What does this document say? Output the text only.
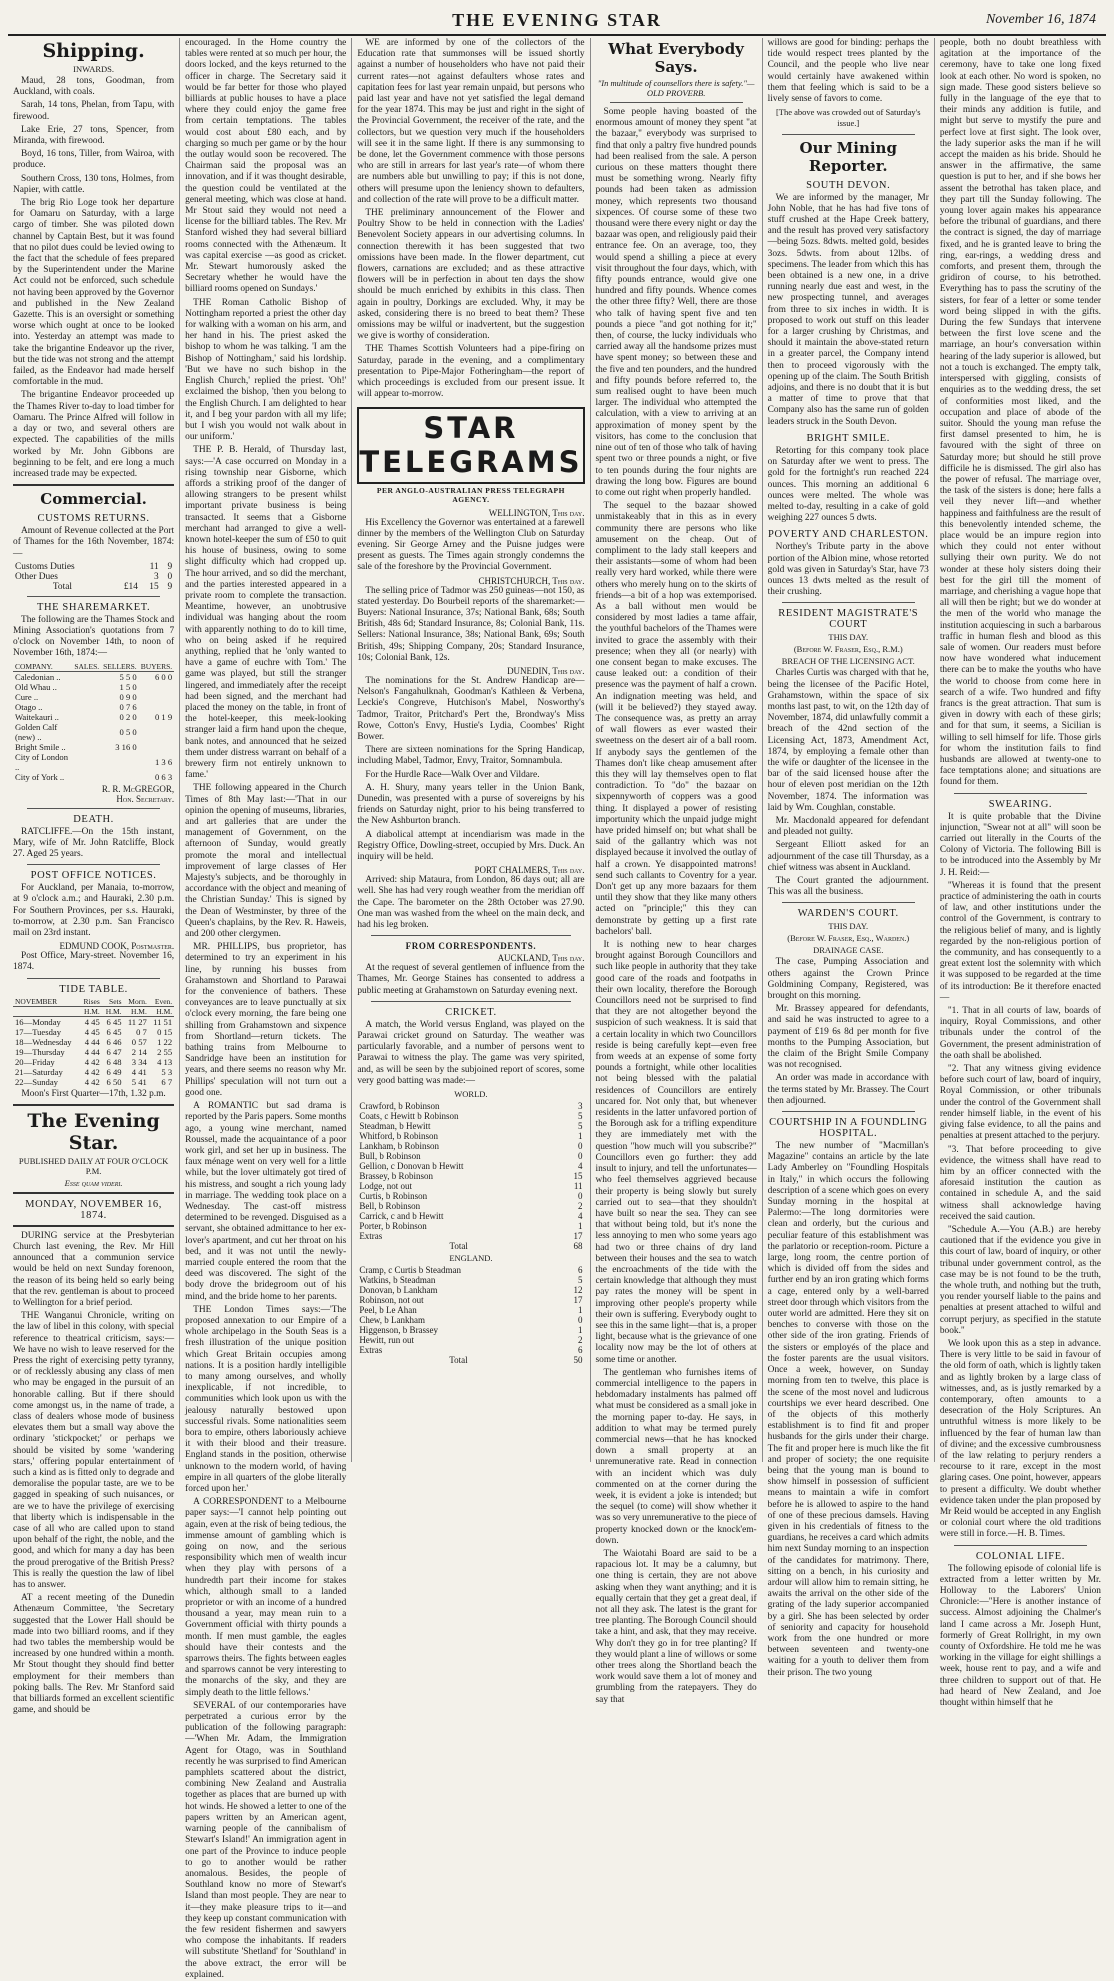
THE EVENING STAR	November 16, 1874
Shipping.
INWARDS.

Maud, 28 tons, Goodman, from Auckland, with coals.

Sarah, 14 tons, Phelan, from Tapu, with firewood.

Lake Erie, 27 tons, Spencer, from Miranda, with firewood.

Boyd, 16 tons, Tiller, from Wairoa, with produce.

Southern Cross, 130 tons, Holmes, from Napier, with cattle.

The brig Rio Loge took her departure for Oamaru on Saturday, with a large cargo of timber. She was piloted down channel by Captain Best, but it was found that no pilot dues could be levied owing to the fact that the schedule of fees prepared by the Superintendent under the Marine Act could not be enforced, such schedule not having been approved by the Governor and published in the New Zealand Gazette. This is an oversight or something worse which ought at once to be looked into. Yesterday an attempt was made to take the brigantine Endeavor up the river, but the tide was not strong and the attempt failed, as the Endeavor had made herself comfortable in the mud.

The brigantine Endeavor proceeded up the Thames River to-day to load timber for Oamaru. The Prince Alfred will follow in a day or two, and several others are expected. The capabilities of the mills worked by Mr. John Gibbons are beginning to be felt, and ere long a much increased trade may be expected.

Commercial.
CUSTOMS RETURNS.

Amount of Revenue collected at the Port of Thames for the 16th November, 1874:—

Customs Duties		11	9
Other Dues		3	0
Total	£14	15	9
THE SHAREMARKET.

The following are the Thames Stock and Mining Association's quotations from 7 o'clock on November 14th, to noon of November 16th, 1874:—

COMPANY.	SALES.	SELLERS.	BUYERS.
Caledonian ..		5 5 0	6 0 0
Old Whau ..		1 5 0	
Cure ..		0 9 0	
Otago ..		0 7 6	
Waitekauri ..		0 2 0	0 1 9
Golden Calf (new) ..		0 5 0	
Bright Smile ..		3 16 0	
City of London ..			1 3 6
City of York ..			0 6 3
R. R. McGREGOR,
Hon. Secretary.
DEATH.

RATCLIFFE.—On the 15th instant, Mary, wife of Mr. John Ratcliffe, Block 27. Aged 25 years.

POST OFFICE NOTICES.

For Auckland, per Manaia, to-morrow, at 9 o'clock a.m.; and Hauraki, 2.30 p.m. For Southern Provinces, per s.s. Hauraki, to-morrow, at 2.30 p.m. San Francisco mail on 23rd instant.

EDMUND COOK, Postmaster.

Post Office, Mary-street. November 16, 1874.

TIDE TABLE.
NOVEMBER	Rises	Sets	Morn.	Even.
	H.M.	H.M.	H.M.	H.M.
16—Monday	4 45	6 45	11 27	11 51
17—Tuesday	4 45	6 45	0 7	0 15
18—Wednesday	4 44	6 46	0 57	1 22
19—Thursday	4 44	6 47	2 14	2 55
20—Friday	4 42	6 48	3 34	4 13
21—Saturday	4 42	6 49	4 41	5 3
22—Sunday	4 42	6 50	5 41	6 7

Moon's First Quarter—17th, 1.32 p.m.

The Evening Star.
PUBLISHED DAILY AT FOUR O'CLOCK P.M.
Esse quam videri.
MONDAY, NOVEMBER 16, 1874.

DURING service at the Presbyterian Church last evening, the Rev. Mr Hill announced that a communion service would be held on next Sunday forenoon, the reason of its being held so early being that the rev. gentleman is about to proceed to Wellington for a brief period.

THE Wanganui Chronicle, writing on the law of libel in this colony, with special reference to theatrical criticism, says:—We have no wish to leave reserved for the Press the right of exercising petty tyranny, or of recklessly abusing any class of men who may be engaged in the pursuit of an honorable calling. But if there should come amongst us, in the name of trade, a class of dealers whose mode of business elevates them but a small way above the ordinary 'stickpocket;' or perhaps we should be visited by some 'wandering stars,' offering popular entertainment of such a kind as is fitted only to degrade and demoralise the popular taste, are we to be gagged in speaking of such nuisances, or are we to have the privilege of exercising that liberty which is indispensable in the case of all who are called upon to stand upon behalf of the right, the noble, and the good, and which for many a day has been the proud prerogative of the British Press? This is really the question the law of libel has to answer.

AT a recent meeting of the Dunedin Athenæum Committee, 'the Secretary suggested that the Lower Hall should be made into two billiard rooms, and if they had two tables the membership would be increased by one hundred within a month. Mr Stout thought they should find better employment for their members than poking balls. The Rev. Mr Stanford said that billiards formed an excellent scientific game, and should be

encouraged. In the Home country the tables were rented at so much per hour, the doors locked, and the keys returned to the officer in charge. The Secretary said it would be far better for those who played billiards at public houses to have a place where they could enjoy the game free from certain temptations. The tables would cost about £80 each, and by charging so much per game or by the hour the outlay would soon be recovered. The Chairman said the proposal was an innovation, and if it was thought desirable, the question could be ventilated at the general meeting, which was close at hand. Mr Stout said they would not need a license for the billiard tables. The Rev. Mr Stanford wished they had several billiard rooms connected with the Athenæum. It was capital exercise —as good as cricket. Mr. Stewart humorously asked the Secretary whether he would have the billiard rooms opened on Sundays.'

THE Roman Catholic Bishop of Nottingham reported a priest the other day for walking with a woman on his arm, and her hand in his. The priest asked the bishop to whom he was talking. 'I am the Bishop of Nottingham,' said his lordship. 'But we have no such bishop in the English Church,' replied the priest. 'Oh!' exclaimed the bishop, 'then you belong to the English Church. I am delighted to hear it, and I beg your pardon with all my life; but I wish you would not walk about in our uniform.'

THE P. B. Herald, of Thursday last, says:—'A case occurred on Monday in a rising township near Gisborne, which affords a striking proof of the danger of allowing strangers to be present whilst important private business is being transacted. It seems that a Gisborne merchant had arranged to give a well-known hotel-keeper the sum of £50 to quit his house of business, owing to some slight difficulty which had cropped up. The hour arrived, and so did the merchant, and the parties interested appeared in a private room to complete the transaction. Meantime, however, an unobtrusive individual was hanging about the room with apparently nothing to do to kill time, who on being asked if he required anything, replied that he 'only wanted to have a game of euchre with Tom.' The game was played, but still the stranger lingered, and immediately after the receipt had been signed, and the merchant had placed the money on the table, in front of the hotel-keeper, this meek-looking stranger laid a firm hand upon the cheque, bank notes, and announced that he seized them under distress warrant on behalf of a brewery firm not entirely unknown to fame.'

THE following appeared in the Church Times of 8th May last:—'That in our opinion the opening of museums, libraries, and art galleries that are under the management of Government, on the afternoon of Sunday, would greatly promote the moral and intellectual improvement of large classes of Her Majesty's subjects, and be thoroughly in accordance with the object and meaning of the Christian Sunday.' This is signed by the Dean of Westminster, by three of the Queen's chaplains, by the Rev. R. Haweis, and 200 other clergymen.

MR. PHILLIPS, bus proprietor, has determined to try an experiment in his line, by running his busses from Grahamstown and Shortland to Parawai for the convenience of bathers. These conveyances are to leave punctually at six o'clock every morning, the fare being one shilling from Grahamstown and sixpence from Shortland—return tickets. The bathing trains from Melbourne to Sandridge have been an institution for years, and there seems no reason why Mr. Phillips' speculation will not turn out a good one.

A ROMANTIC but sad drama is reported by the Paris papers. Some months ago, a young wine merchant, named Roussel, made the acquaintance of a poor work girl, and set her up in business. The faux ménage went on very well for a little while, but the lover ultimately got tired of his mistress, and sought a rich young lady in marriage. The wedding took place on a Wednesday. The cast-off mistress determined to be revenged. Disguised as a servant, she obtained admittance to her ex-lover's apartment, and cut her throat on his bed, and it was not until the newly-married couple entered the room that the deed was discovered. The sight of the body drove the bridegroom out of his mind, and the bride home to her parents.

THE London Times says:—'The proposed annexation to our Empire of a whole archipelago in the South Seas is a fresh illustration of the unique position which Great Britain occupies among nations. It is a position hardly intelligible to many among ourselves, and wholly inexplicable, if not incredible, to communities which look upon us with the jealousy naturally bestowed upon successful rivals. Some nationalities seem bora to empire, others laboriously achieve it with their blood and their treasure. England stands in the position, otherwise unknown to the modern world, of having empire in all quarters of the globe literally forced upon her.'

A CORRESPONDENT to a Melbourne paper says:—'I cannot help pointing out again, even at the risk of being tedious, the immense amount of gambling which is going on now, and the serious responsibility which men of wealth incur when they play with persons of a hundredth part their income for stakes which, although small to a landed proprietor or with an income of a hundred thousand a year, may mean ruin to a Government official with thirty pounds a month. If men must gamble, the eagles should have their contests and the sparrows theirs. The fights between eagles and sparrows cannot be very interesting to the monarchs of the sky, and they are simply death to the little fellows.'

SEVERAL of our contemporaries have perpetrated a curious error by the publication of the following paragraph:—'When Mr. Adam, the Immigration Agent for Otago, was in Southland recently he was surprised to find American pamphlets scattered about the district, combining New Zealand and Australia together as places that are burned up with hot winds. He showed a letter to one of the papers written by an American agent, warning people of the cannibalism of Stewart's Island!' An immigration agent in one part of the Province to induce people to go to another would be rather anomalous. Besides, the people of Southland know no more of Stewart's Island than most people. They are near to it—they make pleasure trips to it—and they keep up constant communication with the few resident fishermen and sawyers who compose the inhabitants. If readers will substitute 'Shetland' for 'Southland' in the above extract, the error will be explained.

WE are informed by one of the collectors of the Education rate that summonses will be issued shortly against a number of householders who have not paid their current rates—not against defaulters whose rates and capitation fees for last year remain unpaid, but persons who paid last year and have not yet satisfied the legal demand for the year 1874. This may be just and right in the sight of the Provincial Government, the receiver of the rate, and the collectors, but we question very much if the householders will see it in the same light. If there is any summonsing to be done, let the Government commence with those persons who are still in arrears for last year's rate—of whom there are numbers able but unwilling to pay; if this is not done, others will presume upon the leniency shown to defaulters, and collection of the rate will prove to be a difficult matter.

THE preliminary announcement of the Flower and Poultry Show to be held in connection with the Ladies' Benevolent Society appears in our advertising columns. In connection therewith it has been suggested that two omissions have been made. In the flower department, cut flowers, carnations are excluded; and as these attractive flowers will be in perfection in about ten days the show should be much enriched by exhibits in this class. Then again in poultry, Dorkings are excluded. Why, it may be asked, considering there is no breed to beat them? These omissions may be wilful or inadvertent, but the suggestion we give is worthy of consideration.

THE Thames Scottish Volunteers had a pipe-firing on Saturday, parade in the evening, and a complimentary presentation to Pipe-Major Fotheringham—the report of which proceedings is excluded from our present issue. It will appear to-morrow.

STAR TELEGRAMS
PER ANGLO-AUSTRALIAN PRESS TELEGRAPH AGENCY.
WELLINGTON, This day.

His Excellency the Governor was entertained at a farewell dinner by the members of the Wellington Club on Saturday evening. Sir George Arney and the Puisne judges were present as guests. The Times again strongly condemns the sale of the foreshore by the Provincial Government.

CHRISTCHURCH, This day.

The selling price of Tadmor was 250 guineas—not 150, as stated yesterday. Do Bourbeil reports of the sharemarket:—Buyers: National Insurance, 37s; National Bank, 68s; South British, 48s 6d; Standard Insurance, 8s; Colonial Bank, 11s. Sellers: National Insurance, 38s; National Bank, 69s; South British, 49s; Shipping Company, 20s; Standard Insurance, 10s; Colonial Bank, 12s.

DUNEDIN, This day.

The nominations for the St. Andrew Handicap are—Nelson's Fangahulknah, Goodman's Kathleen & Verbena, Leckie's Congreve, Hutchison's Mabel, Nosworthy's Tadmor, Traitor, Pritchard's Pert the, Brondway's Miss Rowe, Cotton's Envy, Hustie's Lydia, Coombes' Right Bower.

There are sixteen nominations for the Spring Handicap, including Mabel, Tadmor, Envy, Traitor, Somnambula.

For the Hurdle Race—Walk Over and Vildare.

A. H. Shury, many years teller in the Union Bank, Dunedin, was presented with a purse of sovereigns by his friends on Saturday night, prior to his being transferred to the New Ashburton branch.

A diabolical attempt at incendiarism was made in the Registry Office, Dowling-street, occupied by Mrs. Duck. An inquiry will be held.

PORT CHALMERS, This day.

Arrived: ship Mataura, from London, 86 days out; all are well. She has had very rough weather from the meridian off the Cape. The barometer on the 28th October was 27.90. One man was washed from the wheel on the main deck, and had his leg broken.

FROM CORRESPONDENTS.
AUCKLAND, This day.

At the request of several gentlemen of influence from the Thames, Mr. George Staines has consented to address a public meeting at Grahamstown on Saturday evening next.

CRICKET.

A match, the World versus England, was played on the Parawai cricket ground on Saturday. The weather was particularly favorable, and a number of persons went to Parawai to witness the play. The game was very spirited, and, as will be seen by the subjoined report of scores, some very good batting was made:—

WORLD.
Crawford, b Robinson	3
Coats, c Hewitt b Robinson	5
Steadman, b Hewitt	5
Whitford, b Robinson	1
Lankham, b Robinson	0
Bull, b Robinson	0
Gellion, c Donovan b Hewitt	4
Brassey, b Robinson	15
Lodge, not out	11
Curtis, b Robinson	0
Bell, b Robinson	2
Carrick, c and b Hewitt	4
Porter, b Robinson	1
Extras	17
Total	68
ENGLAND.
Cramp, c Curtis b Steadman	6
Watkins, b Steadman	5
Donovan, b Lankham	12
Robinson, not out	17
Peel, b Le Ahan	1
Chew, b Lankham	0
Higgenson, b Brassey	1
Hewitt, run out	2
Extras	6
Total	50
What Everybody Says.
"In multitude of counsellors there is safety."—OLD PROVERB.

Some people having boasted of the enormous amount of money they spent "at the bazaar," everybody was surprised to find that only a paltry five hundred pounds had been realised from the sale. A person curious on these matters thought there must be something wrong. Nearly fifty pounds had been taken as admission money, which represents two thousand sixpences. Of course some of these two thousand were there every night or day the bazaar was open, and religiously paid their entrance fee. On an average, too, they would spend a shilling a piece at every visit throughout the four days, which, with fifty pounds entrance, would give one hundred and fifty pounds. Whence comes the other three fifty? Well, there are those who talk of having spent five and ten pounds a piece "and got nothing for it;" then, of course, the lucky individuals who carried away all the handsome prizes must have spent money; so between these and the five and ten pounders, and the hundred and fifty pounds before referred to, the sum realised ought to have been much larger. The individual who attempted the calculation, with a view to arriving at an approximation of money spent by the visitors, has come to the conclusion that nine out of ten of those who talk of having spent two or three pounds a night, or five to ten pounds during the four nights are drawing the long bow. Figures are bound to come out right when properly handled.

The sequel to the bazaar showed unmistakeably that in this as in every community there are persons who like amusement on the cheap. Out of compliment to the lady stall keepers and their assistants—some of whom had been really very hard worked, while there were others who merely hung on to the skirts of friends—a bit of a hop was extemporised. As a ball without men would be considered by most ladies a tame affair, the youthful bachelors of the Thames were invited to grace the assembly with their presence; when they all (or nearly) with one consent began to make excuses. The cause leaked out: a condition of their presence was the payment of half a crown. An indignation meeting was held, and (will it be believed?) they stayed away. The consequence was, as pretty an array of wall flowers as ever wasted their sweetness on the desert air of a ball room. If anybody says the gentlemen of the Thames don't like cheap amusement after this they will lay themselves open to flat contradiction. To "do" the bazaar on sixpennyworth of coppers was a good thing. It displayed a power of resisting importunity which the unpaid judge might have prided himself on; but what shall be said of the gallantry which was not displayed because it involved the outlay of half a crown. Ye disappointed matrons! send such callants to Coventry for a year. Don't get up any more bazaars for them until they show that they like many others acted on "principle;" this they can demonstrate by getting up a first rate bachelors' ball.

It is nothing new to hear charges brought against Borough Councillors and such like people in authority that they take good care of the roads and footpaths in their own locality, therefore the Borough Councillors need not be surprised to find that they are not altogether beyond the suspicion of such weakness. It is said that a certain locality in which two Councillors reside is being carefully kept—even free from weeds at an expense of some forty pounds a fortnight, while other localities not being blessed with the palatial residences of Councillors are entirely uncared for. Not only that, but whenever residents in the latter unfavored portion of the Borough ask for a trifling expenditure they are immediately met with the question "how much will you subscribe?" Councillors even go further: they add insult to injury, and tell the unfortunates—who feel themselves aggrieved because their property is being slowly but surely carried out to sea—that they shouldn't have built so near the sea. They can see that without being told, but it's none the less annoying to men who some years ago had two or three chains of dry land between their houses and the sea to watch the encroachments of the tide with the certain knowledge that although they must pay rates the money will be spent in improving other people's property while their own is suffering. Everybody ought to see this in the same light—that is, a proper light, because what is the grievance of one locality now may be the lot of others at some time or another.

The gentleman who furnishes items of commercial intelligence to the papers in hebdomadary instalments has palmed off what must be considered as a small joke in the morning paper to-day. He says, in addition to what may be termed purely commercial news—that he has knocked down a small property at an unremunerative rate. Read in connection with an incident which was duly commented on at the corner during the week, it is evident a joke is intended; but the sequel (to come) will show whether it was so very unremunerative to the piece of property knocked down or the knock'em-down.

The Waiotahi Board are said to be a rapacious lot. It may be a calumny, but one thing is certain, they are not above asking when they want anything; and it is equally certain that they get a great deal, if not all they ask. The latest is the grant for tree planting. The Borough Council should take a hint, and ask, that they may receive. Why don't they go in for tree planting? If they would plant a line of willows or some other trees along the Shortland beach the work would save them a lot of money and grumbling from the ratepayers. They do say that

willows are good for binding: perhaps the tide would respect trees planted by the Council, and the people who live near would certainly have awakened within them that feeling which is said to be a lively sense of favors to come.

[The above was crowded out of Saturday's issue.]

Our Mining Reporter.
SOUTH DEVON.

We are informed by the manager, Mr John Noble, that he has had five tons of stuff crushed at the Hape Creek battery, and the result has proved very satisfactory—being 5ozs. 8dwts. melted gold, besides 3ozs. 5dwts. from about 12lbs. of specimens. The leader from which this has been obtained is a new one, in a drive running nearly due east and west, in the new prospecting tunnel, and averages from three to six inches in width. It is proposed to work out stuff on this leader for a larger crushing by Christmas, and should it maintain the above-stated return in a greater parcel, the Company intend then to proceed vigorously with the opening up of the claim. The South British adjoins, and there is no doubt that it is but a matter of time to prove that that Company also has the same run of golden leaders struck in the South Devon.

BRIGHT SMILE.

Retorting for this company took place on Saturday after we went to press. The gold for the fortnight's run reached 224 ounces. This morning an additional 6 ounces were melted. The whole was melted to-day, resulting in a cake of gold weighing 227 ounces 5 dwts.

POVERTY AND CHARLESTON.

Northey's Tribute party in the above portion of the Albion mine, whose retorted gold was given in Saturday's Star, have 73 ounces 13 dwts melted as the result of their crushing.

RESIDENT MAGISTRATE'S COURT
THIS DAY.
(Before W. Fraser, Esq., R.M.)
BREACH OF THE LICENSING ACT.

Charles Curtis was charged with that he, being the licensee of the Pacific Hotel, Grahamstown, within the space of six months last past, to wit, on the 12th day of November, 1874, did unlawfully commit a breach of the 42nd section of the Licensing Act, 1873, Amendment Act, 1874, by employing a female other than the wife or daughter of the licensee in the bar of the said licensed house after the hour of eleven post meridian on the 12th November, 1874. The information was laid by Wm. Coughlan, constable.

Mr. Macdonald appeared for defendant and pleaded not guilty.

Sergeant Elliott asked for an adjournment of the case till Thursday, as a chief witness was absent in Auckland.

The Court granted the adjournment. This was all the business.

WARDEN'S COURT.
THIS DAY.
(Before W. Fraser, Esq., Warden.)
DRAINAGE CASE.

The case, Pumping Association and others against the Crown Prince Goldmining Company, Registered, was brought on this morning.

Mr. Brassey appeared for defendants, and said he was instructed to agree to a payment of £19 6s 8d per month for five months to the Pumping Association, but the claim of the Bright Smile Company was not recognised.

An order was made in accordance with the terms stated by Mr. Brassey. The Court then adjourned.

COURTSHIP IN A FOUNDLING HOSPITAL.

The new number of "Macmillan's Magazine" contains an article by the late Lady Amberley on "Foundling Hospitals in Italy," in which occurs the following description of a scene which goes on every Sunday morning in the hospital at Palermo:—The long dormitories were clean and orderly, but the curious and peculiar feature of this establishment was the parlatorio or reception-room. Picture a large, long room, the centre portion of which is divided off from the sides and further end by an iron grating which forms a cage, entered only by a well-barred street door through which visitors from the outer world are admitted. Here they sit on benches to converse with those on the other side of the iron grating. Friends of the sisters or employés of the place and the foster parents are the usual visitors. Once a week, however, on Sunday morning from ten to twelve, this place is the scene of the most novel and ludicrous courtships we ever heard described. One of the objects of this motherly establishment is to find fit and proper husbands for the girls under their charge. The fit and proper here is much like the fit and proper of society; the one requisite being that the young man is bound to show himself in possession of sufficient means to maintain a wife in comfort before he is allowed to aspire to the hand of one of these precious damsels. Having given in his credentials of fitness to the guardians, he receives a card which admits him next Sunday morning to an inspection of the candidates for matrimony. There, sitting on a bench, in his curiosity and ardour will allow him to remain sitting, he awaits the arrival on the other side of the grating of the lady superior accompanied by a girl. She has been selected by order of seniority and capacity for household work from the one hundred or more between seventeen and twenty-one waiting for a youth to deliver them from their prison. The two young

people, both no doubt breathless with agitation at the importance of the ceremony, have to take one long fixed look at each other. No word is spoken, no sign made. These good sisters believe so fully in the language of the eye that to their minds any addition is futile, and might but serve to mystify the pure and perfect love at first sight. The look over, the lady superior asks the man if he will accept the maiden as his bride. Should he answer in the affirmative, the same question is put to her, and if she bows her assent the betrothal has taken place, and they part till the Sunday following. The young lover again makes his appearance before the tribunal of guardians, and there the contract is signed, the day of marriage fixed, and he is granted leave to bring the ring, ear-rings, a wedding dress and comforts, and present them, through the gridiron of course, to his betrothed. Everything has to pass the scrutiny of the sisters, for fear of a letter or some tender word being slipped in with the gifts. During the few Sundays that intervene between the first love scene and the marriage, an hour's conversation within hearing of the lady superior is allowed, but not a touch is exchanged. The empty talk, interspersed with giggling, consists of enquiries as to the wedding dress, the set of conformities most liked, and the occupation and place of abode of the suitor. Should the young man refuse the first damsel presented to him, he is favoured with the sight of three on Saturday more; but should he still prove difficile he is dismissed. The girl also has the power of refusal. The marriage over, the task of the sisters is done; here falls a veil they never lift—and whether happiness and faithfulness are the result of this benevolently intended scheme, the place would be an impure region into which they could not enter without sullying their own purity. We do not wonder at these holy sisters doing their best for the girl till the moment of marriage, and cherishing a vague hope that all will then be right; but we do wonder at the men of the world who manage the institution acquiescing in such a barbarous traffic in human flesh and blood as this sale of women. Our readers must before now have wondered what inducement there can be to make the youths who have the world to choose from come here in search of a wife. Two hundred and fifty francs is the great attraction. That sum is given in dowry with each of these girls; and for that sum, it seems, a Sicilian is willing to sell himself for life. Those girls for whom the institution fails to find husbands are allowed at twenty-one to face temptations alone; and situations are found for them.

SWEARING.

It is quite probable that the Divine injunction, "Swear not at all" will soon be carried out literally in the Courts of the Colony of Victoria. The following Bill is to be introduced into the Assembly by Mr J. H. Reid:—

"Whereas it is found that the present practice of administering the oath in courts of law, and other institutions under the control of the Government, is contrary to the religious belief of many, and is lightly regarded by the non-religious portion of the community, and has consequently to a great extent lost the solemnity with which it was supposed to be regarded at the time of its introduction: Be it therefore enacted—

"1. That in all courts of law, boards of inquiry, Royal Commissions, and other tribunals under the control of the Government, the present administration of the oath shall be abolished.

"2. That any witness giving evidence before such court of law, board of inquiry, Royal Commission, or other tribunals under the control of the Government shall render himself liable, in the event of his giving false evidence, to all the pains and penalties at present attached to the perjury.

"3. That before proceeding to give evidence, the witness shall have read to him by an officer connected with the aforesaid institution the caution as contained in schedule A, and the said witness shall acknowledge having received the said caution.

"Schedule A.—You (A.B.) are hereby cautioned that if the evidence you give in this court of law, board of inquiry, or other tribunal under government control, as the case may be is not found to be the truth, the whole truth, and nothing but the truth, you render yourself liable to the pains and penalties at present attached to wilful and corrupt perjury, as specified in the statute book."

We look upon this as a step in advance. There is very little to be said in favour of the old form of oath, which is lightly taken and as lightly broken by a large class of witnesses, and, as is justly remarked by a contemporary, often amounts to a desecration of the Holy Scriptures. An untruthful witness is more likely to be influenced by the fear of human law than of divine; and the excessive cumbrousness of the law relating to perjury renders a recourse to it rare, except in the most glaring cases. One point, however, appears to present a difficulty. We doubt whether evidence taken under the plan proposed by Mr Reid would be accepted in any English or colonial court where the old traditions were still in force.—H. B. Times.

COLONIAL LIFE.

The following episode of colonial life is extracted from a letter written by Mr. Holloway to the Laborers' Union Chronicle:—"Here is another instance of success. Almost adjoining the Chalmer's land I came across a Mr. Joseph Hunt, formerly of Great Rollright, in my own county of Oxfordshire. He told me he was working in the village for eight shillings a week, house rent to pay, and a wife and three children to support out of that. He had heard of New Zealand, and Joe thought within himself that he
